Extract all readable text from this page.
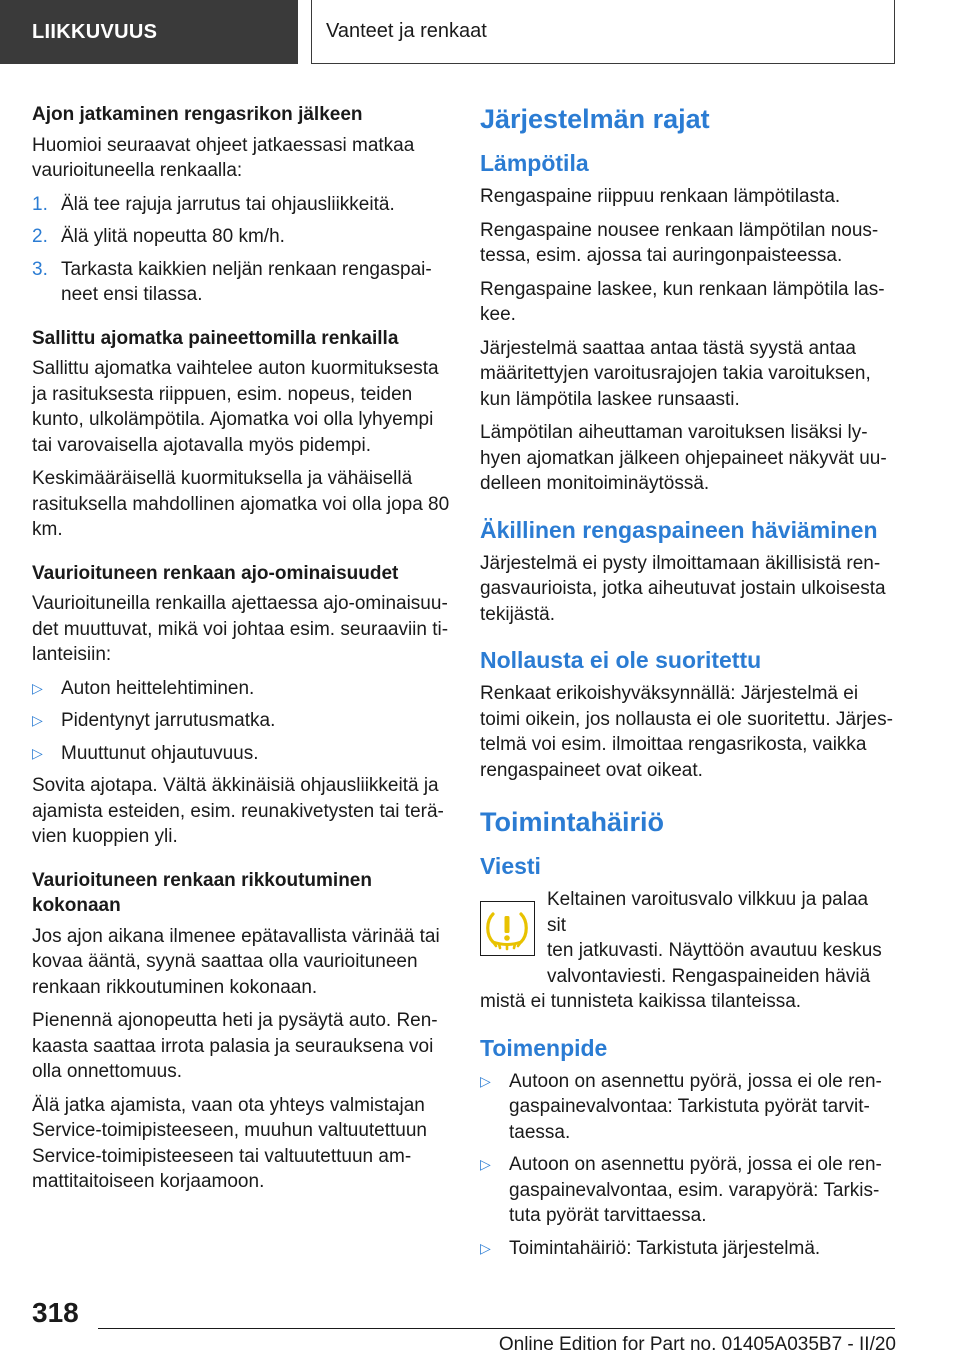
LIIKKUVUUS	Vanteet ja renkaat
Ajon jatkaminen rengasrikon jälkeen

Huomioi seuraavat ohjeet jatkaessasi matkaa vaurioituneella renkaalla:

1. Älä tee rajuja jarrutus tai ohjausliikkeitä.
2. Älä ylitä nopeutta 80 km/h.
3. Tarkasta kaikkien neljän renkaan rengaspaineet ensi tilassa.
Sallittu ajomatka paineettomilla renkailla

Sallittu ajomatka vaihtelee auton kuormituksesta ja rasituksesta riippuen, esim. nopeus, teiden kunto, ulkolämpötila. Ajomatka voi olla lyhyempi tai varovaisella ajotavalla myös pidempi.

Keskimääräisellä kuormituksella ja vähäisellä rasituksella mahdollinen ajomatka voi olla jopa 80 km.

Vaurioituneen renkaan ajo-ominaisuudet

Vaurioituneilla renkailla ajettaessa ajo-ominaisuudet muuttuvat, mikä voi johtaa esim. seuraaviin tilanteisiin:

▷ Auton heittelehtiminen.
▷ Pidentynyt jarrutusmatka.
▷ Muuttunut ohjautuvuus.

Sovita ajotapa. Vältä äkkinäisiä ohjausliikkeitä ja ajamista esteiden, esim. reunakivetysten tai terävien kuoppien yli.

Vaurioituneen renkaan rikkoutuminen kokonaan

Jos ajon aikana ilmenee epätavallista värinää tai kovaa ääntä, syynä saattaa olla vaurioituneen renkaan rikkoutuminen kokonaan.

Pienennä ajonopeutta heti ja pysäytä auto. Renkaasta saattaa irrota palasia ja seurauksena voi olla onnettomuus.

Älä jatka ajamista, vaan ota yhteys valmistajan Service-toimipisteeseen, muuhun valtuutettuun Service-toimipisteeseen tai valtuutettuun ammattitaitoiseen korjaamoon.

Järjestelmän rajat
Lämpötila

Rengaspaine riippuu renkaan lämpötilasta.

Rengaspaine nousee renkaan lämpötilan noustessa, esim. ajossa tai auringonpaisteessa.

Rengaspaine laskee, kun renkaan lämpötila laskee.

Järjestelmä saattaa antaa tästä syystä antaa määritettyjen varoitusrajojen takia varoituksen, kun lämpötila laskee runsaasti.

Lämpötilan aiheuttaman varoituksen lisäksi lyhyen ajomatkan jälkeen ohjepaineet näkyvät uudelleen monitoiminäytössä.

Äkillinen rengaspaineen häviäminen

Järjestelmä ei pysty ilmoittamaan äkillisistä rengasvaurioista, jotka aiheutuvat jostain ulkoisesta tekijästä.

Nollausta ei ole suoritettu

Renkaat erikoishyväksynnällä: Järjestelmä ei toimi oikein, jos nollausta ei ole suoritettu. Järjestelmä voi esim. ilmoittaa rengasrikosta, vaikka rengaspaineet ovat oikeat.

Toimintahäiriö
Viesti

Keltainen varoitusvalo vilkkuu ja palaa sit

ten jatkuvasti. Näyttöön avautuu keskus

valvontaviesti. Rengaspaineiden häviä

mistä ei tunnisteta kaikissa tilanteissa.

Toimenpide
▷ Autoon on asennettu pyörä, jossa ei ole rengaspainevalvontaa: Tarkistuta pyörät tarvittaessa.
▷ Autoon on asennettu pyörä, jossa ei ole rengaspainevalvontaa, esim. varapyörä: Tarkistuta pyörät tarvittaessa.
▷ Toimintahäiriö: Tarkistuta järjestelmä.
318
Online Edition for Part no. 01405A035B7 - II/20
